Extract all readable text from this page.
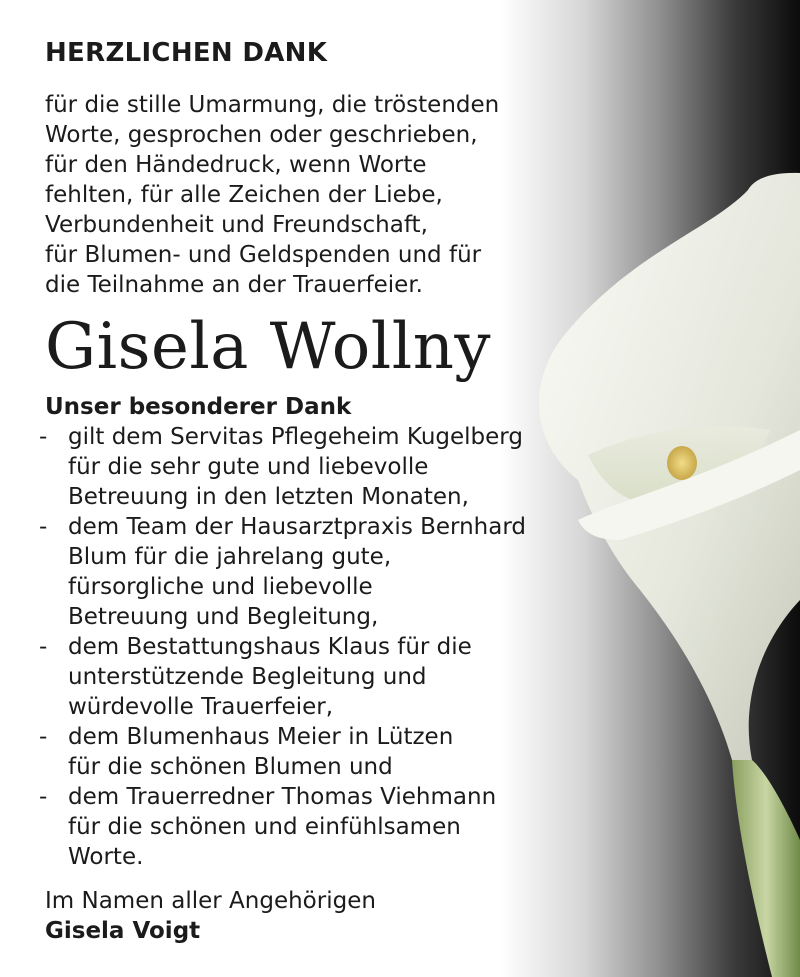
HERZLICHEN DANK
für die stille Umarmung, die tröstenden
Worte, gesprochen oder geschrieben,
für den Händedruck, wenn Worte
fehlten, für alle Zeichen der Liebe,
Verbundenheit und Freundschaft,
für Blumen- und Geldspenden und für
die Teilnahme an der Trauerfeier.
Gisela Wollny
Unser besonderer Dank
- gilt dem Servitas Pflegeheim Kugelberg
für die sehr gute und liebevolle
Betreuung in den letzten Monaten,
- dem Team der Hausarztpraxis Bernhard
Blum für die jahrelang gute,
fürsorgliche und liebevolle
Betreuung und Begleitung,
- dem Bestattungshaus Klaus für die
unterstützende Begleitung und
würdevolle Trauerfeier,
- dem Blumenhaus Meier in Lützen
für die schönen Blumen und
- dem Trauerredner Thomas Viehmann
für die schönen und einfühlsamen
Worte.
Im Namen aller Angehörigen
Gisela Voigt
